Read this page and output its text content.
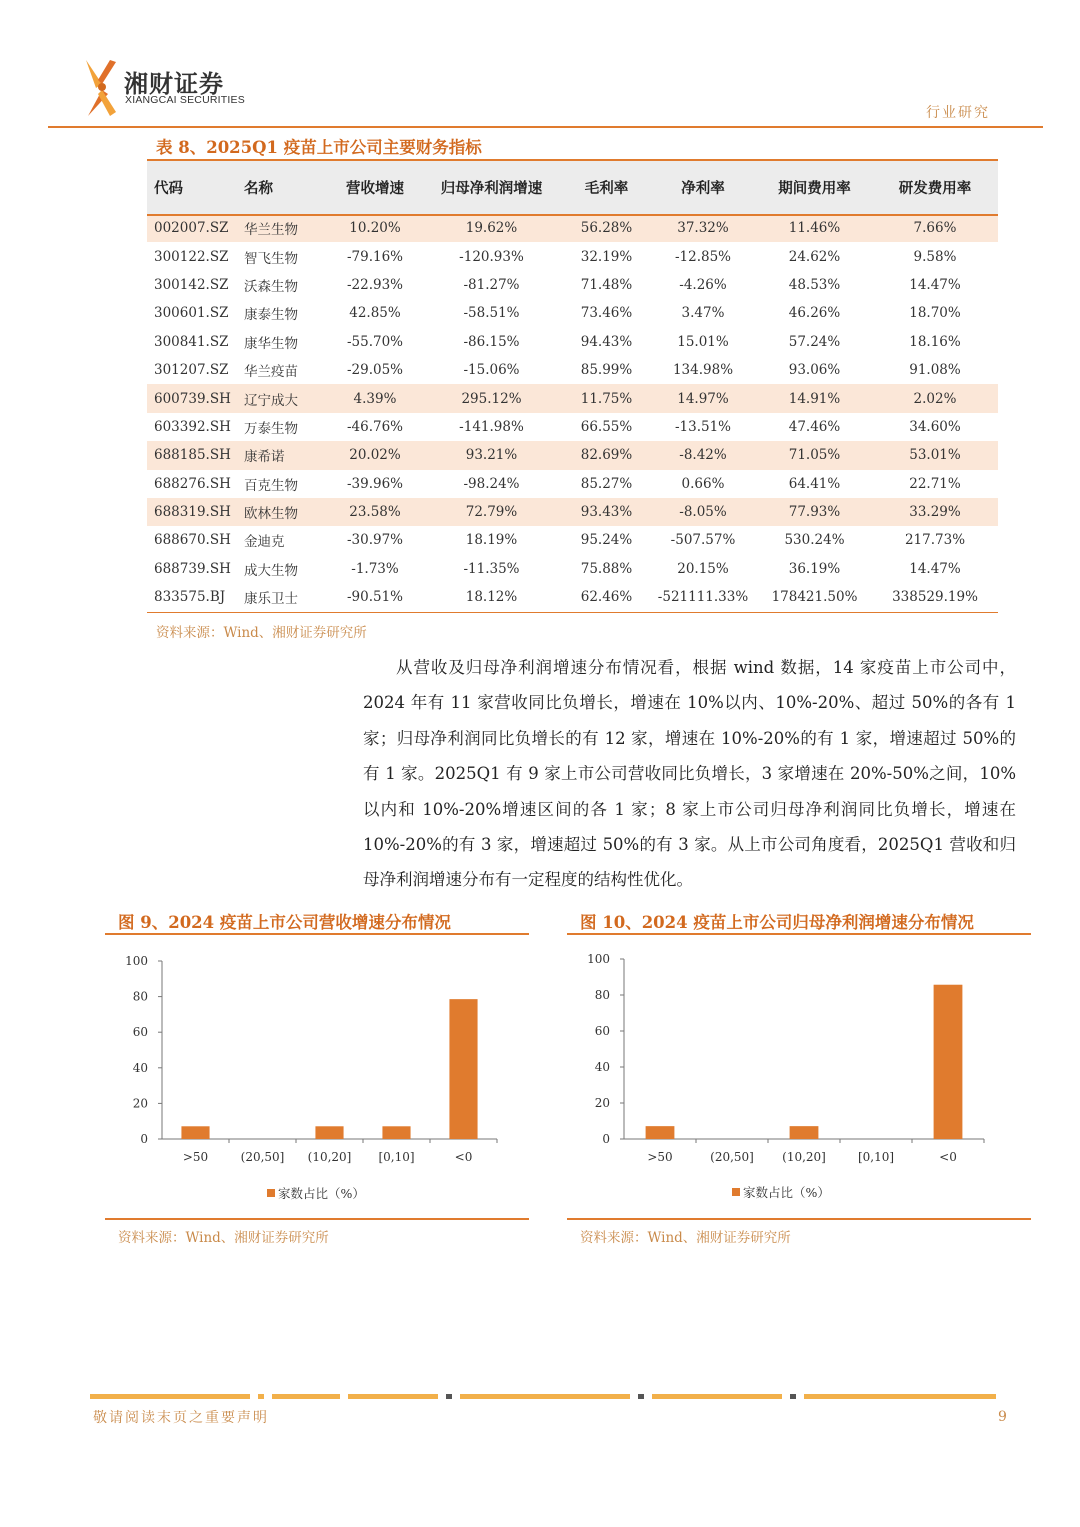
湘财证券
XIANGCAI SECURITIES
行业研究
表 8、2025Q1 疫苗上市公司主要财务指标
代码	名称	营收增速	归母净利润增速	毛利率	净利率	期间费用率	研发费用率
002007.SZ	华兰生物	10.20%	19.62%	56.28%	37.32%	11.46%	7.66%
300122.SZ	智飞生物	-79.16%	-120.93%	32.19%	-12.85%	24.62%	9.58%
300142.SZ	沃森生物	-22.93%	-81.27%	71.48%	-4.26%	48.53%	14.47%
300601.SZ	康泰生物	42.85%	-58.51%	73.46%	3.47%	46.26%	18.70%
300841.SZ	康华生物	-55.70%	-86.15%	94.43%	15.01%	57.24%	18.16%
301207.SZ	华兰疫苗	-29.05%	-15.06%	85.99%	134.98%	93.06%	91.08%
600739.SH	辽宁成大	4.39%	295.12%	11.75%	14.97%	14.91%	2.02%
603392.SH	万泰生物	-46.76%	-141.98%	66.55%	-13.51%	47.46%	34.60%
688185.SH	康希诺	20.02%	93.21%	82.69%	-8.42%	71.05%	53.01%
688276.SH	百克生物	-39.96%	-98.24%	85.27%	0.66%	64.41%	22.71%
688319.SH	欧林生物	23.58%	72.79%	93.43%	-8.05%	77.93%	33.29%
688670.SH	金迪克	-30.97%	18.19%	95.24%	-507.57%	530.24%	217.73%
688739.SH	成大生物	-1.73%	-11.35%	75.88%	20.15%	36.19%	14.47%
833575.BJ	康乐卫士	-90.51%	18.12%	62.46%	-521111.33%	178421.50%	338529.19%
资料来源：Wind、湘财证券研究所
从营收及归母净利润增速分布情况看，根据 wind 数据，14 家疫苗上市公司中，2024 年有 11 家营收同比负增长，增速在 10%以内、10%-20%、超过 50%的各有 1 家；归母净利润同比负增长的有 12 家，增速在 10%-20%的有 1 家，增速超过 50%的有 1 家。2025Q1 有 9 家上市公司营收同比负增长，3 家增速在 20%-50%之间，10%以内和 10%-20%增速区间的各 1 家；8 家上市公司归母净利润同比负增长，增速在 10%-20%的有 3 家，增速超过 50%的有 3 家。从上市公司角度看，2025Q1 营收和归母净利润增速分布有一定程度的结构性优化。
图 9、2024 疫苗上市公司营收增速分布情况
0
20
40
60
80
100
>50	(20,50] (10,20] [0,10]	<0
家数占比（%）
资料来源：Wind、湘财证券研究所
图 10、2024 疫苗上市公司归母净利润增速分布情况
0
20
40
60
80
100
>50	(20,50] (10,20]	[0,10]	<0
家数占比（%）
资料来源：Wind、湘财证券研究所
敬请阅读末页之重要声明	9
